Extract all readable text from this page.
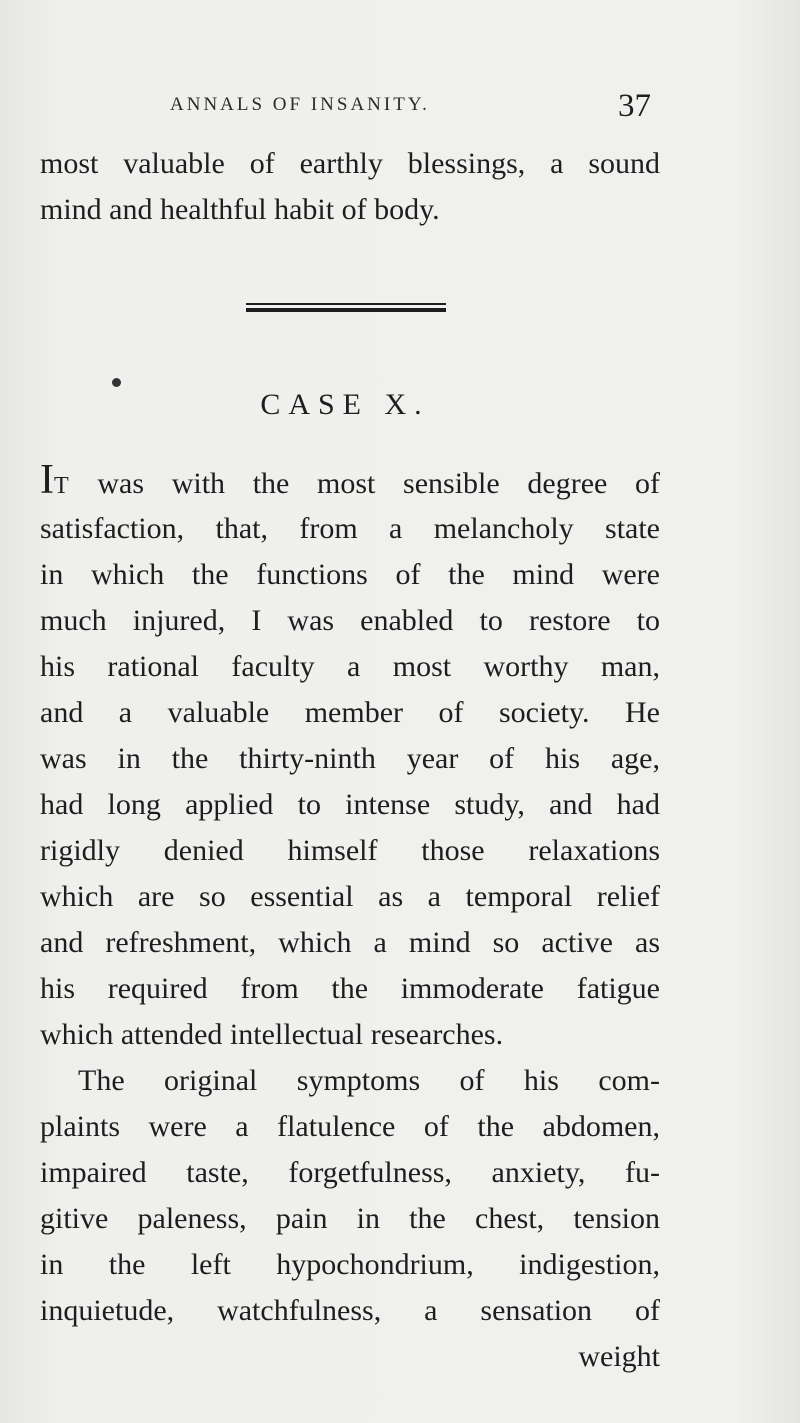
ANNALS OF INSANITY.	37
most valuable of earthly blessings, a sound
mind and healthful habit of body.
CASE X.
IT was with the most sensible degree of
satisfaction, that, from a melancholy state
in which the functions of the mind were
much injured, I was enabled to restore to
his rational faculty a most worthy man,
and a valuable member of society. He
was in the thirty-ninth year of his age,
had long applied to intense study, and had
rigidly denied himself those relaxations
which are so essential as a temporal relief
and refreshment, which a mind so active as
his required from the immoderate fatigue
which attended intellectual researches.
The original symptoms of his com-
plaints were a flatulence of the abdomen,
impaired taste, forgetfulness, anxiety, fu-
gitive paleness, pain in the chest, tension
in the left hypochondrium, indigestion,
inquietude, watchfulness, a sensation of
weight
